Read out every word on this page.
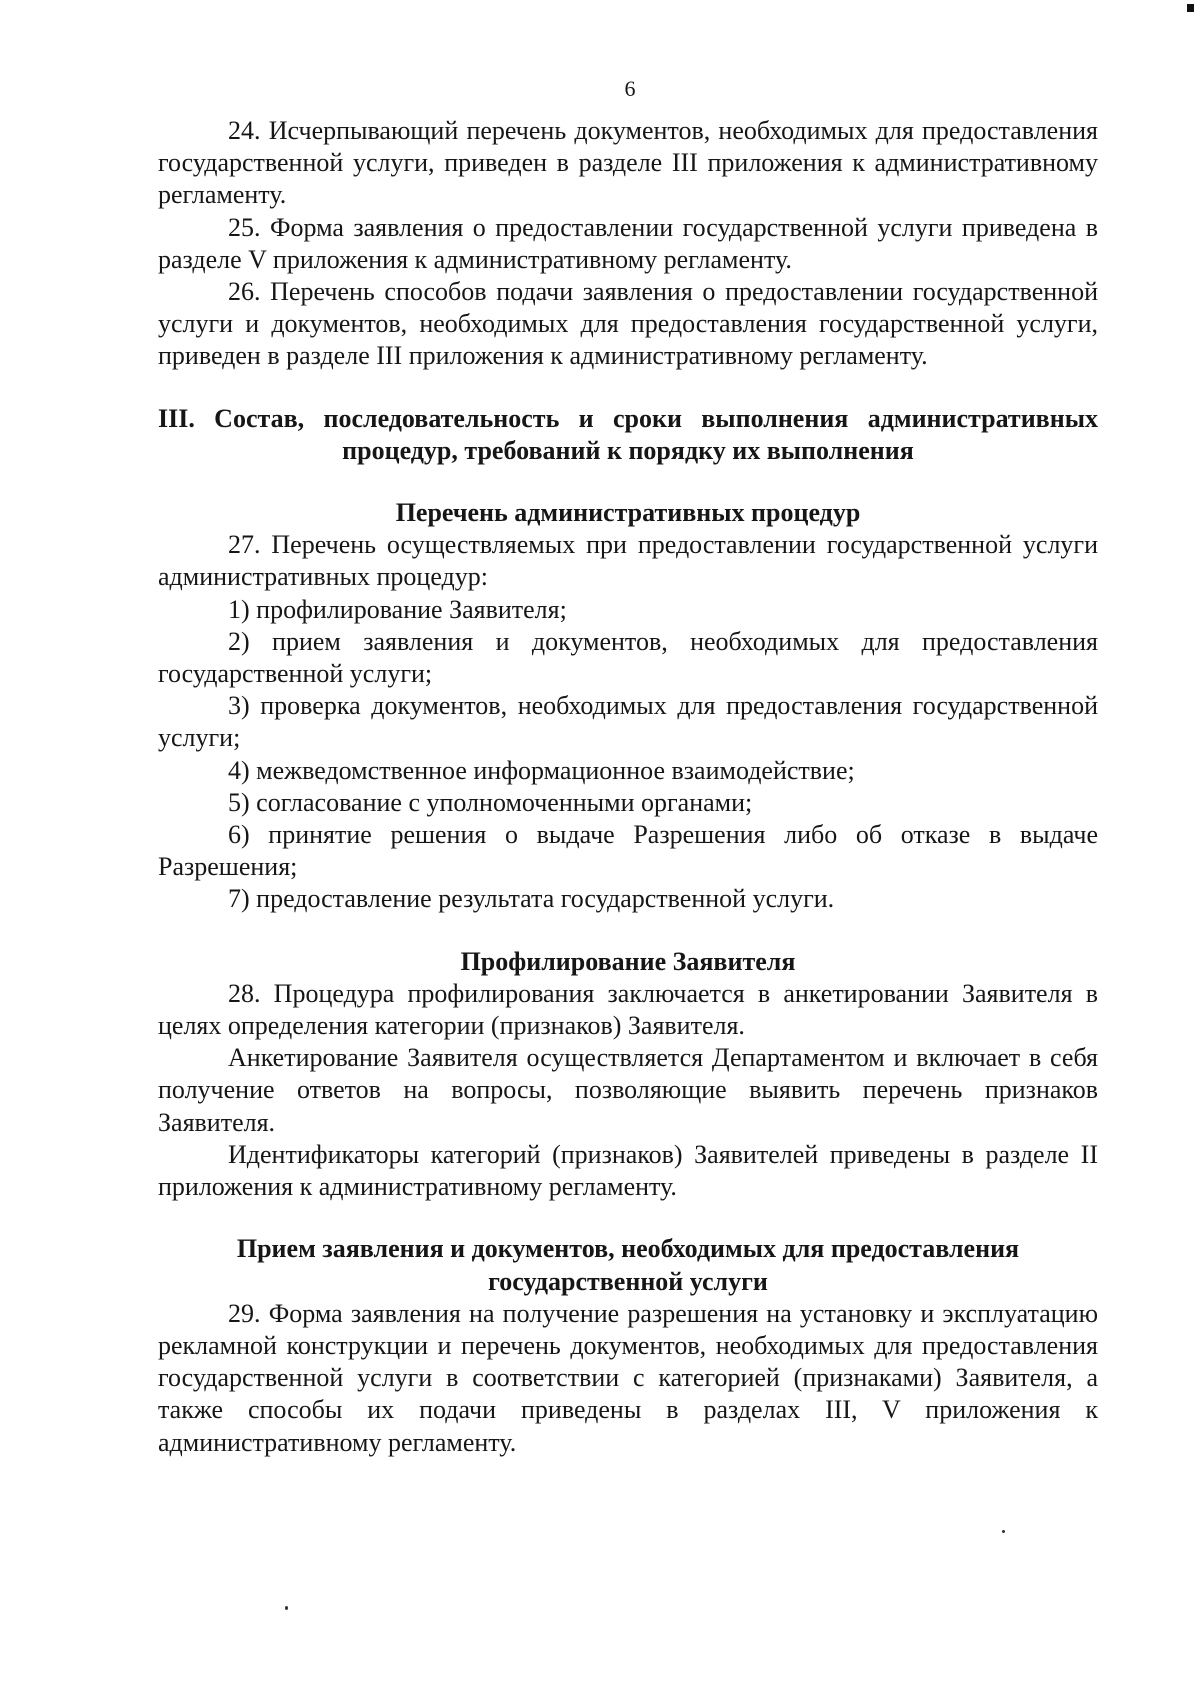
6

24. Исчерпывающий перечень документов, необходимых для предоставления государственной услуги, приведен в разделе III приложения к административному регламенту.

25. Форма заявления о предоставлении государственной услуги приведена в разделе V приложения к административному регламенту.

26. Перечень способов подачи заявления о предоставлении государственной услуги и документов, необходимых для предоставления государственной услуги, приведен в разделе III приложения к административному регламенту.

III. Состав, последовательность и сроки выполнения административных
процедур, требований к порядку их выполнения
Перечень административных процедур

27. Перечень осуществляемых при предоставлении государственной услуги административных процедур:

1) профилирование Заявителя;

2) прием заявления и документов, необходимых для предоставления государственной услуги;

3) проверка документов, необходимых для предоставления государственной услуги;

4) межведомственное информационное взаимодействие;

5) согласование с уполномоченными органами;

6) принятие решения о выдаче Разрешения либо об отказе в выдаче Разрешения;

7) предоставление результата государственной услуги.

Профилирование Заявителя

28. Процедура профилирования заключается в анкетировании Заявителя в целях определения категории (признаков) Заявителя.

Анкетирование Заявителя осуществляется Департаментом и включает в себя получение ответов на вопросы, позволяющие выявить перечень признаков Заявителя.

Идентификаторы категорий (признаков) Заявителей приведены в разделе II приложения к административному регламенту.

Прием заявления и документов, необходимых для предоставления
государственной услуги

29. Форма заявления на получение разрешения на установку и эксплуатацию рекламной конструкции и перечень документов, необходимых для предоставления государственной услуги в соответствии с категорией (признаками) Заявителя, а также способы их подачи приведены в разделах III, V приложения к административному регламенту.
